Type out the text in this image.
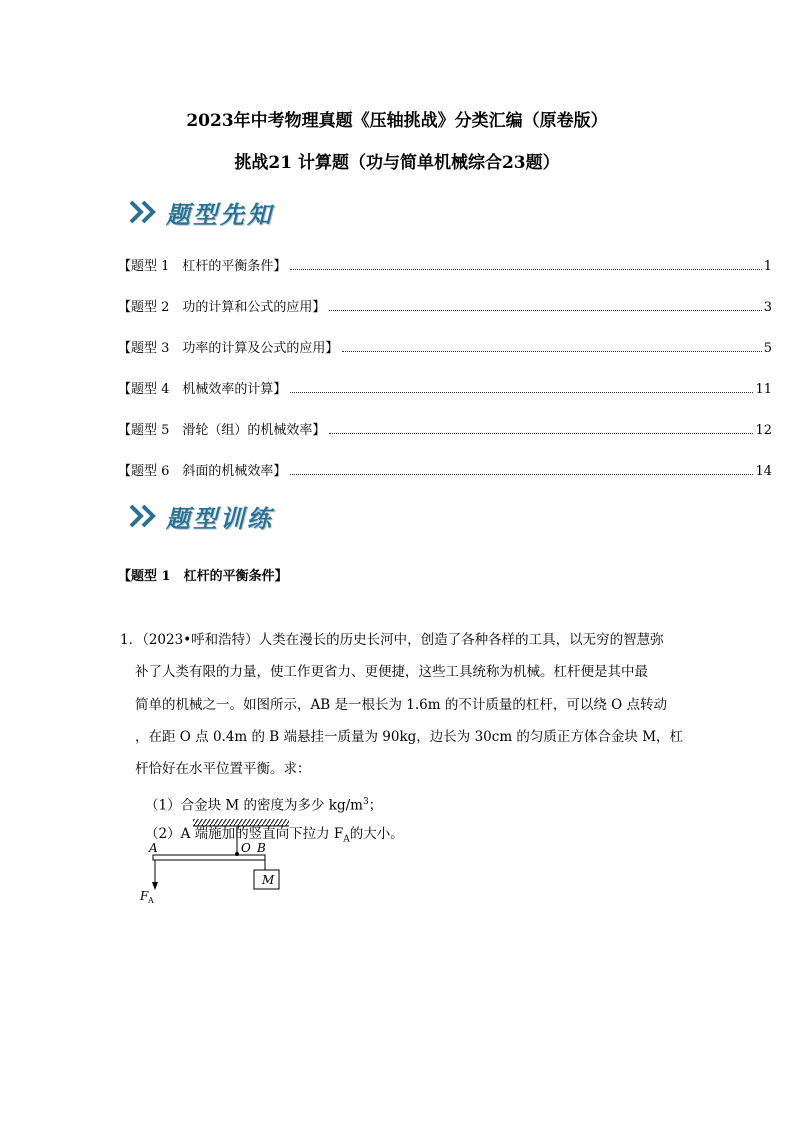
2023年中考物理真题《压轴挑战》分类汇编（原卷版）
挑战21 计算题（功与简单机械综合23题）
题型先知
【题型 1　杠杆的平衡条件】	1
【题型 2　功的计算和公式的应用】	3
【题型 3　功率的计算及公式的应用】	5
【题型 4　机械效率的计算】	11
【题型 5　滑轮（组）的机械效率】	12
【题型 6　斜面的机械效率】	14
题型训练
【题型 1　杠杆的平衡条件】
1．（2023•呼和浩特）人类在漫长的历史长河中，创造了各种各样的工具，以无穷的智慧弥
补了人类有限的力量，使工作更省力、更便捷，这些工具统称为机械。杠杆便是其中最
简单的机械之一。如图所示，AB 是一根长为 1.6m 的不计质量的杠杆，可以绕 O 点转动
，在距 O 点 0.4m 的 B 端悬挂一质量为 90kg，边长为 30cm 的匀质正方体合金块 M，杠
杆恰好在水平位置平衡。求：
（1）合金块 M 的密度为多少 $kg/m^3$；
（2）A 端施加的竖直向下拉力 $F_A$的大小。
A	O B
F A
M
